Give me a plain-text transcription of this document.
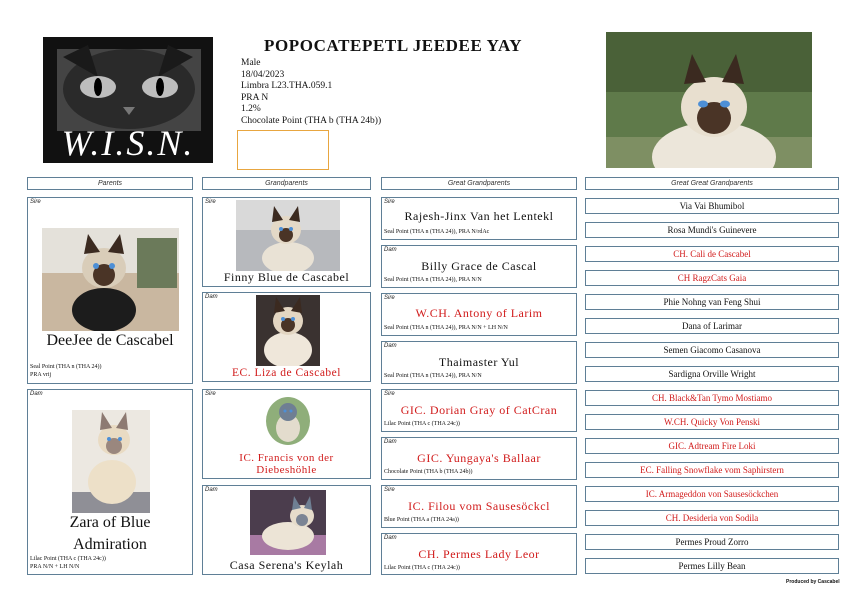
W.I.S.N.
POPOCATEPETL JEEDEE YAY
Male
18/04/2023
Limbra L23.THA.059.1
PRA N
1.2%
Chocolate Point (THA b (THA 24b))
Parents	Grandparents	Great Grandparents	Great Great Grandparents
Sire
DeeJee de Cascabel
Seal Point (THA n (THA 24))
PRA vrij
Dam
Zara of Blue
Admiration
Lilac Point (THA c (THA 24c))
PRA N/N + LH N/N
Sire
Finny Blue de Cascabel
Dam
EC. Liza de Cascabel
Sire
IC. Francis von der
Diebeshöhle
Dam
Casa Serena's Keylah
Sire
Rajesh-Jinx Van het Lentekl
Seal Point (THA n (THA 24)), PRA N/rdAc
Dam
Billy Grace de Cascal
Seal Point (THA n (THA 24)), PRA N/N
Sire
W.CH. Antony of Larim
Seal Point (THA n (THA 24)), PRA N/N + LH N/N
Dam
Thaimaster Yul
Seal Point (THA n (THA 24)), PRA N/N
Sire
GIC. Dorian Gray of CatCran
Lilac Point (THA c (THA 24c))
Dam
GIC. Yungaya's Ballaar
Chocolate Point (THA b (THA 24b))
Sire
IC. Filou vom Sausesöckcl
Blue Point (THA a (THA 24a))
Dam
CH. Permes Lady Leor
Lilac Point (THA c (THA 24c))
Via Vai Bhumibol
Rosa Mundi's Guinevere
CH. Cali de Cascabel
CH RagzCats Gaia
Phie Nohng van Feng Shui
Dana of Larimar
Semen Giacomo Casanova
Sardigna Orville Wright
CH. Black&Tan Tymo Mostiamo
W.CH. Quicky Von Penski
GIC. Adtream Fire Loki
EC. Falling Snowflake vom Saphirstern
IC. Armageddon von Sausesöckchen
CH. Desideria von Sodila
Permes Proud Zorro
Permes Lilly Bean
Produced by Cascabel
